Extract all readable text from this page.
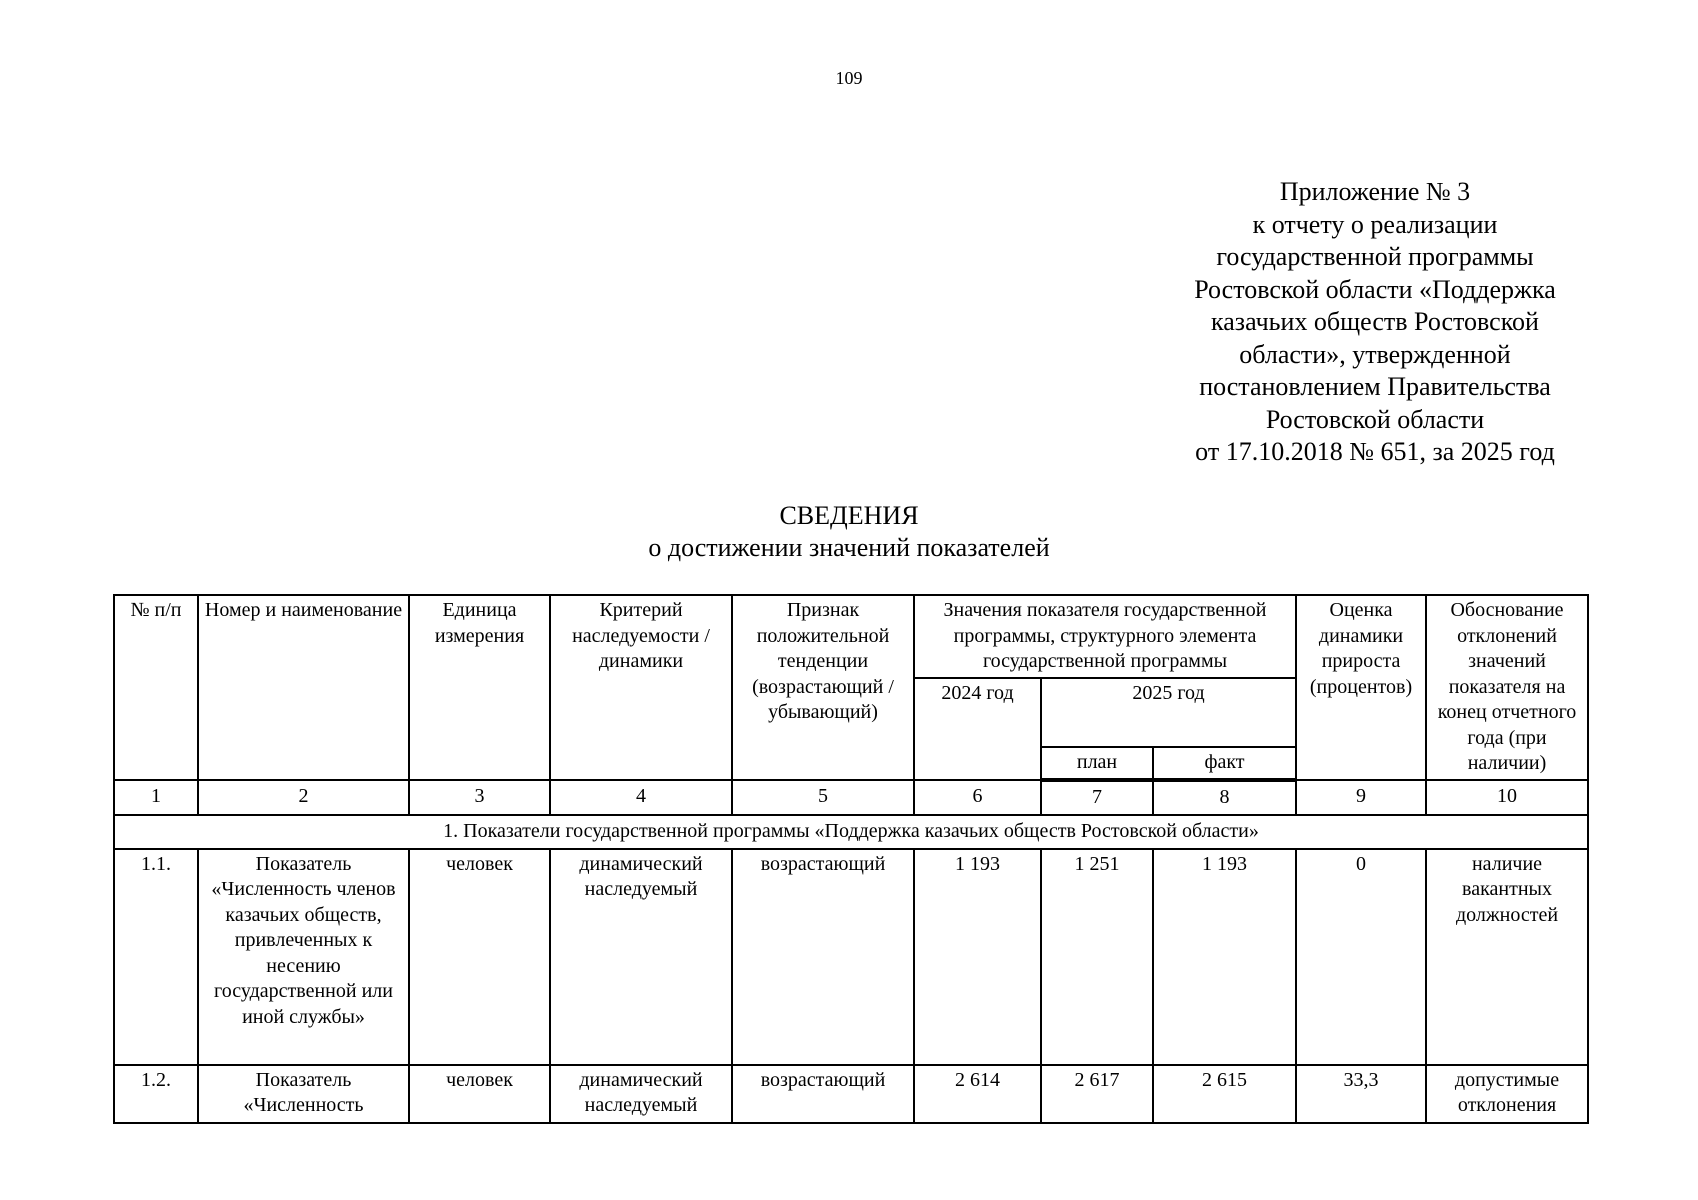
109
Приложение № 3
к отчету о реализации
государственной программы
Ростовской области «Поддержка
казачьих обществ Ростовской
области», утвержденной
постановлением Правительства
Ростовской области
от 17.10.2018 № 651, за 2025 год
СВЕДЕНИЯ
о достижении значений показателей
№ п/п	Номер и наименование	Единица измерения	Критерий наследуемости / динамики	Признак положительной тенденции (возрастающий / убывающий)	Значения показателя государственной программы, структурного элемента государственной программы			Оценка динамики прироста (процентов)	Обоснование отклонений значений показателя на конец отчетного года (при наличии)
					2024 год	2025 год			
						план	факт		
1	2	3	4	5	6	7	8	9	10
1. Показатели государственной программы «Поддержка казачьих обществ Ростовской области»									
1.1.	Показатель «Численность членов казачьих обществ, привлеченных к несению государственной или иной службы»	человек	динамический наследуемый	возрастающий	1 193	1 251	1 193	0	наличие вакантных должностей
1.2.	Показатель «Численность	человек	динамический наследуемый	возрастающий	2 614	2 617	2 615	33,3	допустимые отклонения
